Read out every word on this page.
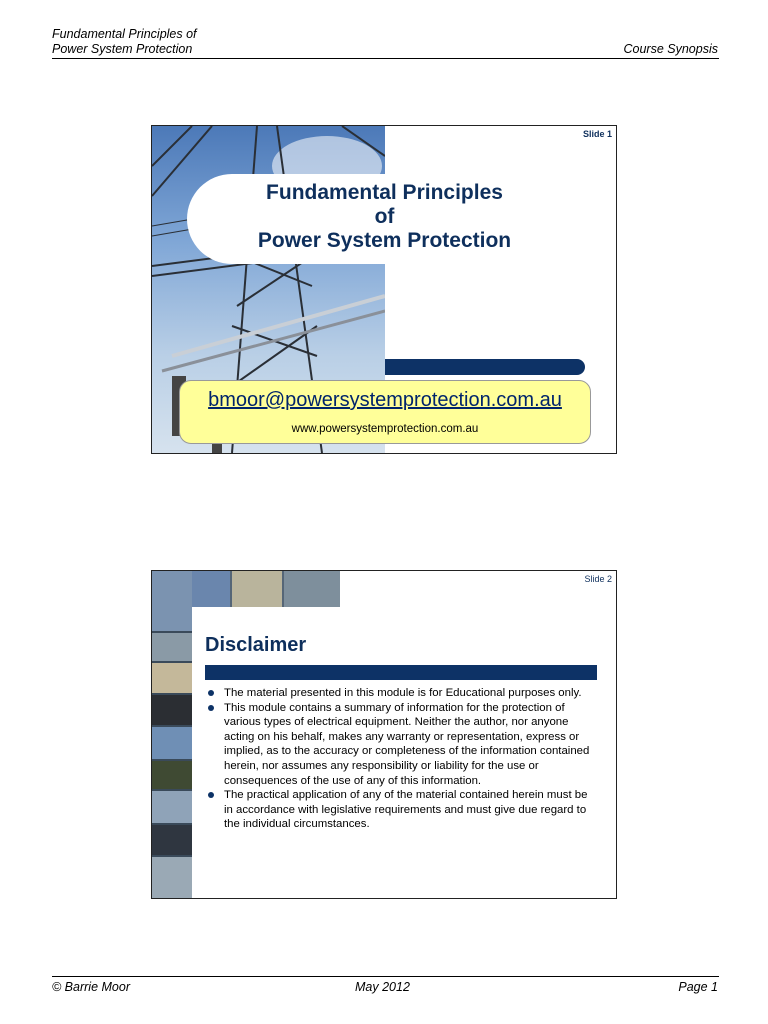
Fundamental Principles of
Power System Protection	Course Synopsis
Slide 1
Fundamental Principles
of
Power System Protection
bmoor@powersystemprotection.com.au
www.powersystemprotection.com.au
Slide 2
Disclaimer
The material presented in this module is for Educational purposes only.
This module contains a summary of information for the protection of various types of electrical equipment. Neither the author, nor anyone acting on his behalf, makes any warranty or representation, express or implied, as to the accuracy or completeness of the information contained herein, nor assumes any responsibility or liability for the use or consequences of the use of any of this information.
The practical application of any of the material contained herein must be in accordance with legislative requirements and must give due regard to the individual circumstances.
© Barrie Moor	May 2012	Page 1
